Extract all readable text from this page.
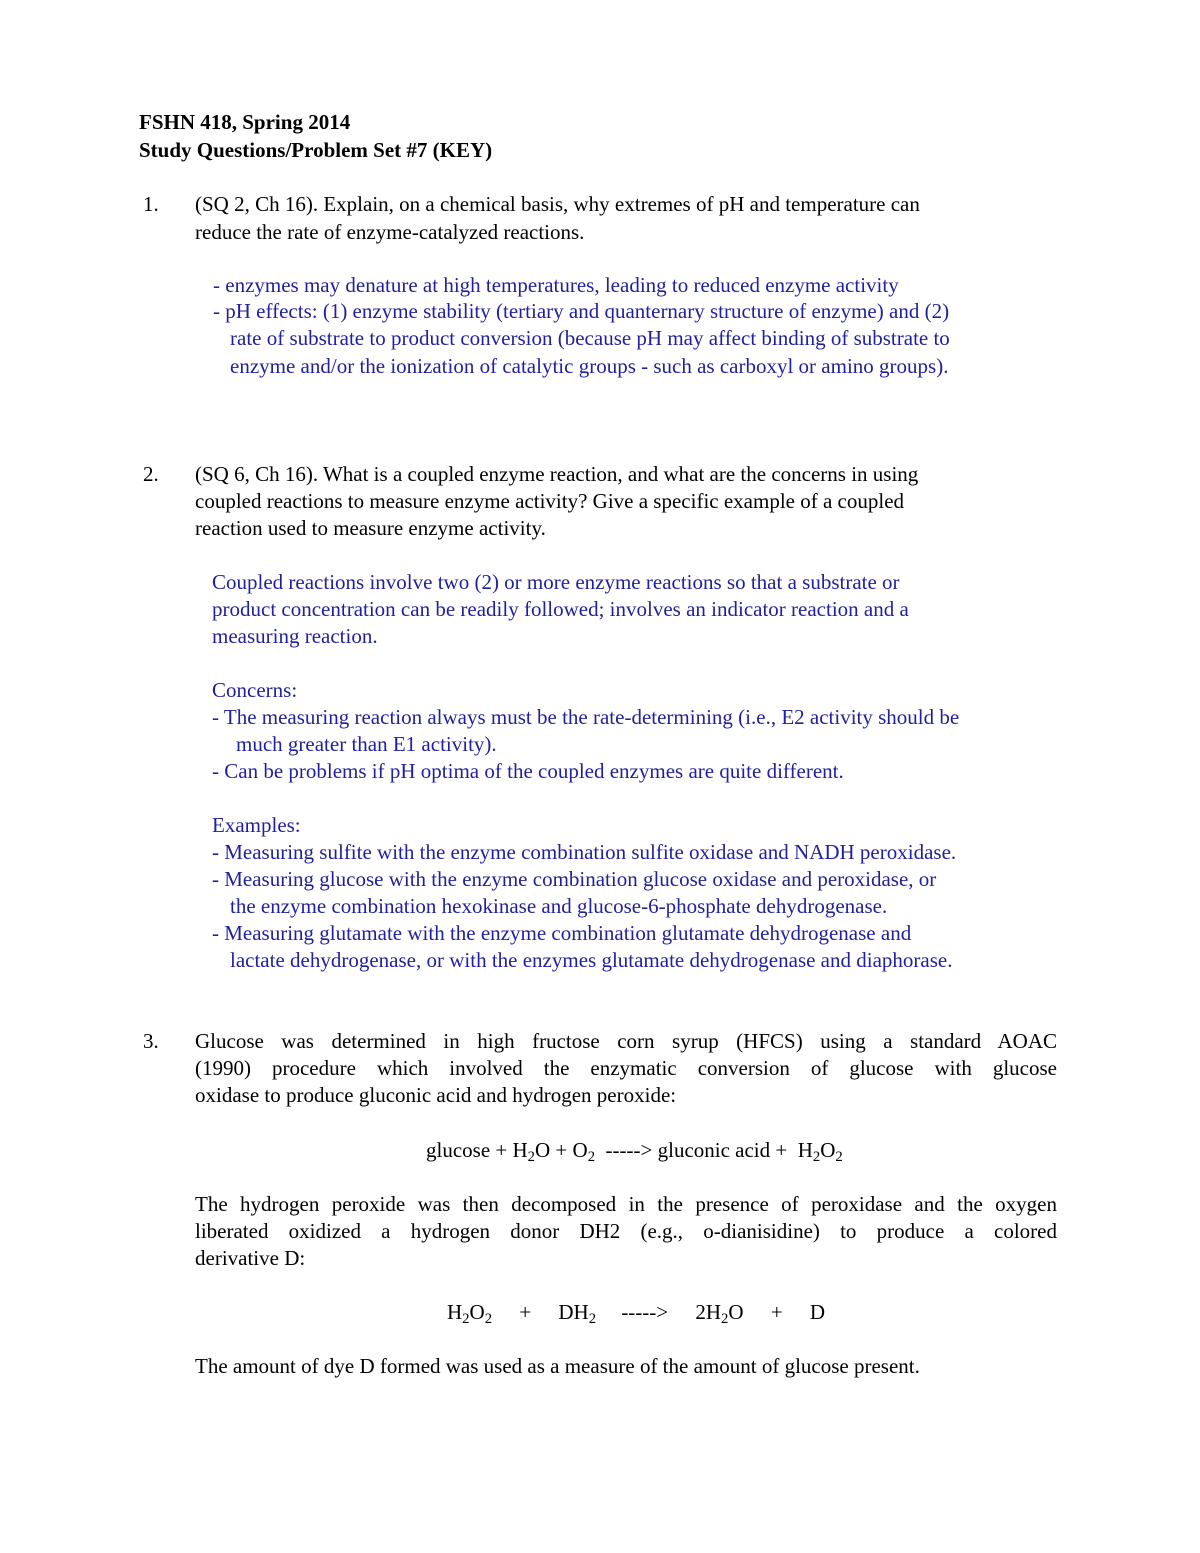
FSHN 418, Spring 2014
Study Questions/Problem Set #7 (KEY)
1. (SQ 2, Ch 16). Explain, on a chemical basis, why extremes of pH and temperature can
reduce the rate of enzyme-catalyzed reactions.
- enzymes may denature at high temperatures, leading to reduced enzyme activity
- pH effects: (1) enzyme stability (tertiary and quanternary structure of enzyme) and (2)
rate of substrate to product conversion (because pH may affect binding of substrate to
enzyme and/or the ionization of catalytic groups - such as carboxyl or amino groups).
2. (SQ 6, Ch 16). What is a coupled enzyme reaction, and what are the concerns in using
coupled reactions to measure enzyme activity? Give a specific example of a coupled
reaction used to measure enzyme activity.
Coupled reactions involve two (2) or more enzyme reactions so that a substrate or
product concentration can be readily followed; involves an indicator reaction and a
measuring reaction.
Concerns:
- The measuring reaction always must be the rate-determining (i.e., E2 activity should be
much greater than E1 activity).
- Can be problems if pH optima of the coupled enzymes are quite different.
Examples:
- Measuring sulfite with the enzyme combination sulfite oxidase and NADH peroxidase.
- Measuring glucose with the enzyme combination glucose oxidase and peroxidase, or
the enzyme combination hexokinase and glucose-6-phosphate dehydrogenase.
- Measuring glutamate with the enzyme combination glutamate dehydrogenase and
lactate dehydrogenase, or with the enzymes glutamate dehydrogenase and diaphorase.
3. Glucose was determined in high fructose corn syrup (HFCS) using a standard AOAC
(1990) procedure which involved the enzymatic conversion of glucose with glucose
oxidase to produce gluconic acid and hydrogen peroxide:
$glucose + H_2O + O_2$  -----> gluconic acid +  $H_2O_2$
The hydrogen peroxide was then decomposed in the presence of peroxidase and the oxygen
liberated oxidized a hydrogen donor DH2 (e.g., o-dianisidine) to produce a colored
derivative D:
$H_2O_2 + DH_2$ -----> $2H_2O + D$
The amount of dye D formed was used as a measure of the amount of glucose present.
